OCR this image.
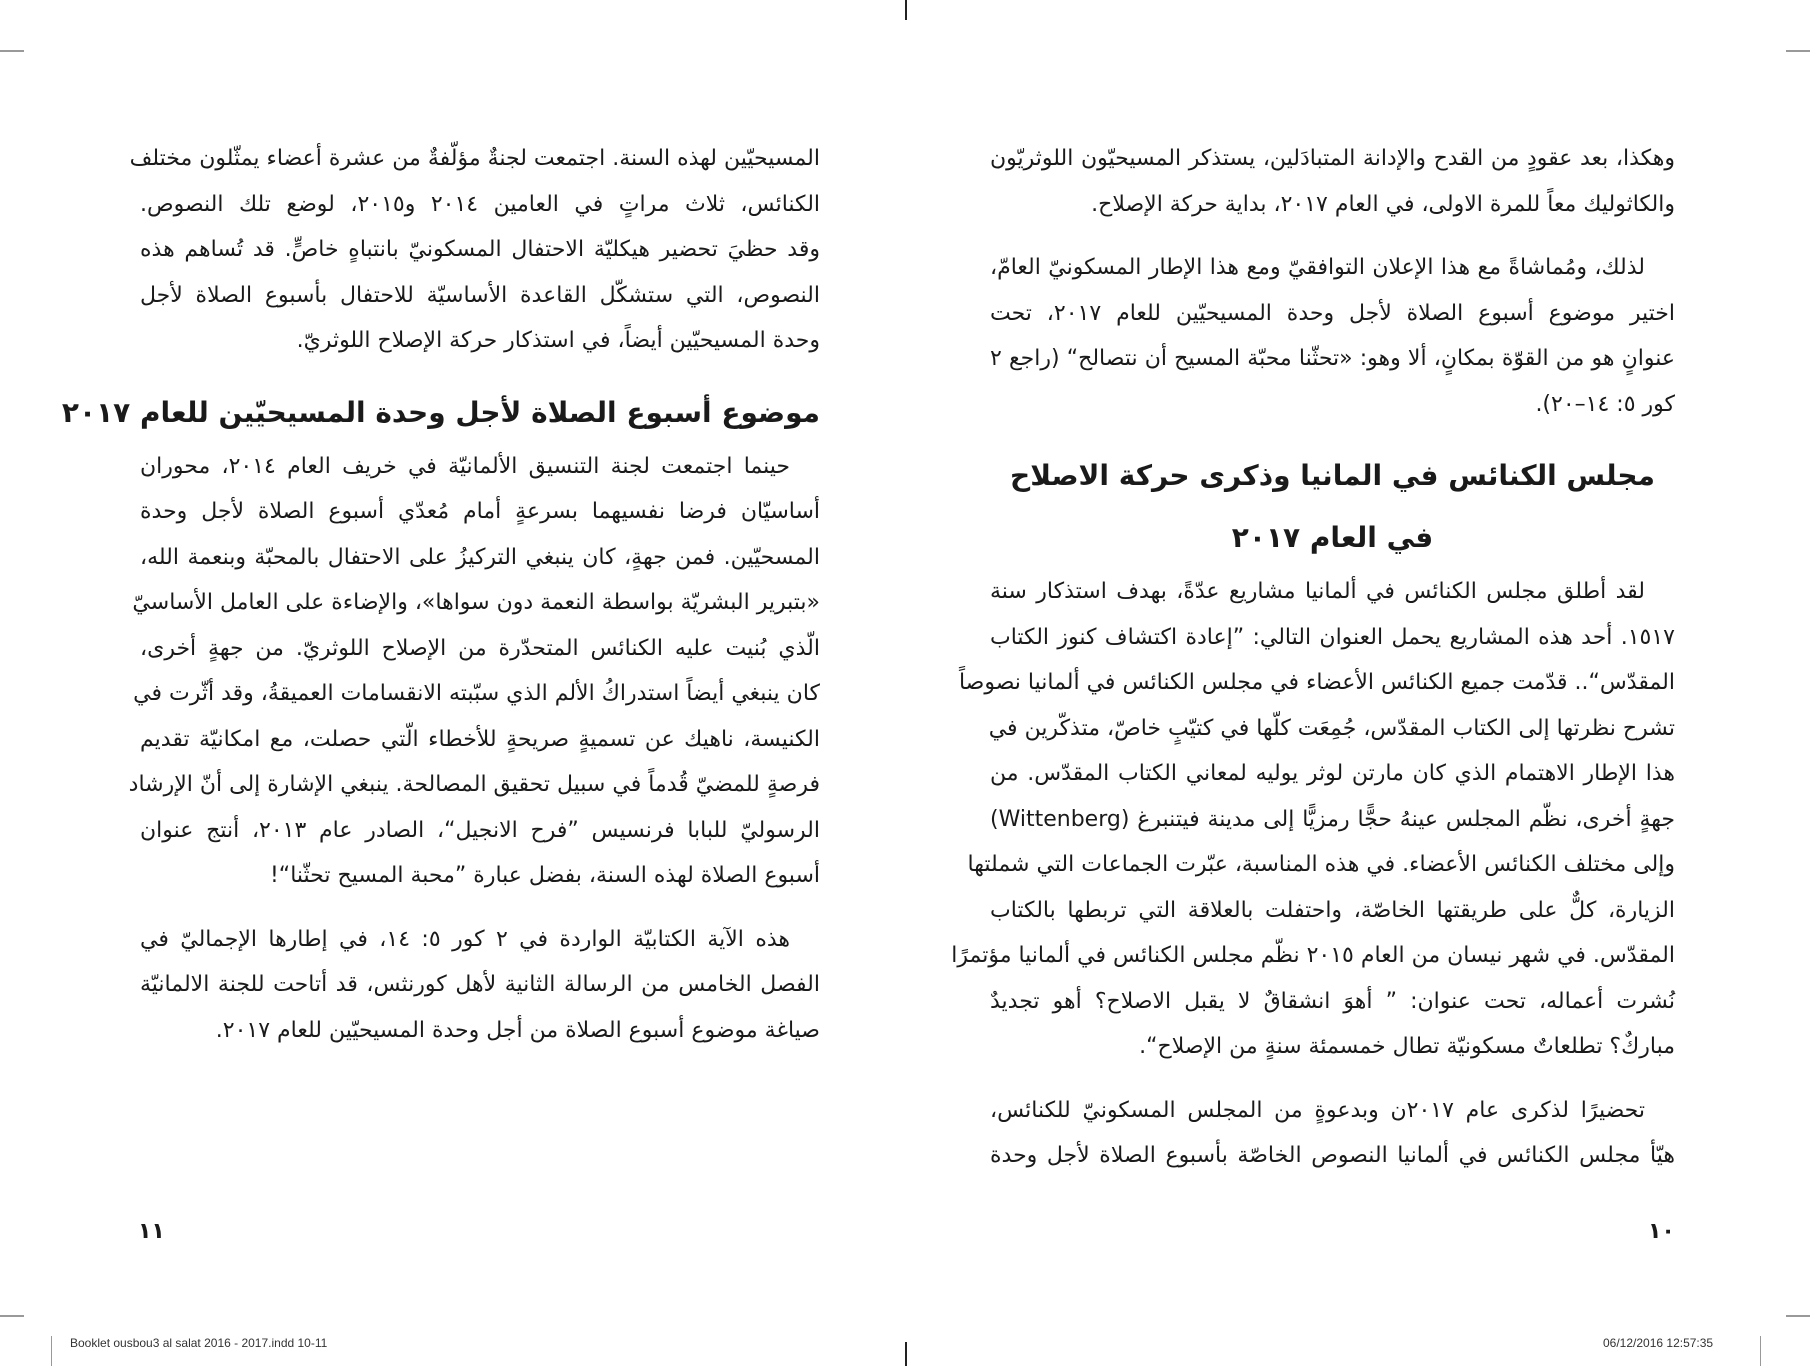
وهكذا، بعد عقودٍ من القدح والإدانة المتبادَلين، يستذكر المسيحيّون اللوثريّون
والكاثوليك معاً للمرة الاولى، في العام ٢٠١٧، بداية حركة الإصلاح.
لذلك، ومُماشاةً مع هذا الإعلان التوافقيّ ومع هذا الإطار المسكونيّ العامّ،
اختير موضوع أسبوع الصلاة لأجل وحدة المسيحيّين للعام ٢٠١٧، تحت
عنوانٍ هو من القوّة بمكانٍ، ألا وهو: «تحثّنا محبّة المسيح أن نتصالح“ (راجع ٢
كور ٥: ١٤–٢٠).
مجلس الكنائس في المانيا وذكرى حركة الاصلاح
في العام ٢٠١٧
لقد أطلق مجلس الكنائس في ألمانيا مشاريع عدّةً، بهدف استذكار سنة
١٥١٧. أحد هذه المشاريع يحمل العنوان التالي: ”إعادة اكتشاف كنوز الكتاب
المقدّس“.. قدّمت جميع الكنائس الأعضاء في مجلس الكنائس في ألمانيا نصوصاً
تشرح نظرتها إلى الكتاب المقدّس، جُمِعَت كلّها في كتيّبٍ خاصّ، متذكّرين في
هذا الإطار الاهتمام الذي كان مارتن لوثر يوليه لمعاني الكتاب المقدّس. من
جهةٍ أخرى، نظّم المجلس عينهُ حجًّا رمزيًّا إلى مدينة فيتنبرغ (Wittenberg)
وإلى مختلف الكنائس الأعضاء. في هذه المناسبة، عبّرت الجماعات التي شملتها
الزيارة، كلٌّ على طريقتها الخاصّة، واحتفلت بالعلاقة التي تربطها بالكتاب
المقدّس. في شهر نيسان من العام ٢٠١٥ نظّم مجلس الكنائس في ألمانيا مؤتمرًا
نُشرت أعماله، تحت عنوان: ” أهوَ انشقاقٌ لا يقبل الاصلاح؟ أهو تجديدٌ
مباركٌ؟ تطلعاتٌ مسكونيّة تطال خمسمئة سنةٍ من الإصلاح“.
تحضيرًا لذكرى عام ٢٠١٧ن وبدعوةٍ من المجلس المسكونيّ للكنائس،
هيّأ مجلس الكنائس في ألمانيا النصوص الخاصّة بأسبوع الصلاة لأجل وحدة
المسيحيّين لهذه السنة. اجتمعت لجنةٌ مؤلّفةٌ من عشرة أعضاء يمثّلون مختلف
الكنائس، ثلاث مراتٍ في العامين ٢٠١٤ و٢٠١٥، لوضع تلك النصوص.
وقد حظيَ تحضير هيكليّة الاحتفال المسكونيّ بانتباهٍ خاصٍّ. قد تُساهم هذه
النصوص، التي ستشكّل القاعدة الأساسيّة للاحتفال بأسبوع الصلاة لأجل
وحدة المسيحيّين أيضاً، في استذكار حركة الإصلاح اللوثريّ.
موضوع أسبوع الصلاة لأجل وحدة المسيحيّين للعام ٢٠١٧
حينما اجتمعت لجنة التنسيق الألمانيّة في خريف العام ٢٠١٤، محوران
أساسيّان فرضا نفسيهما بسرعةٍ أمام مُعدّي أسبوع الصلاة لأجل وحدة
المسحيّين. فمن جهةٍ، كان ينبغي التركيزُ على الاحتفال بالمحبّة وبنعمة الله،
«بتبرير البشريّة بواسطة النعمة دون سواها»، والإضاءة على العامل الأساسيّ
الّذي بُنيت عليه الكنائس المتحدّرة من الإصلاح اللوثريّ. من جهةٍ أخرى،
كان ينبغي أيضاً استدراكُ الألم الذي سبّبته الانقسامات العميقةُ، وقد أثّرت في
الكنيسة، ناهيك عن تسميةٍ صريحةٍ للأخطاء الّتي حصلت، مع امكانيّة تقديم
فرصةٍ للمضيّ قُدماً في سبيل تحقيق المصالحة. ينبغي الإشارة إلى أنّ الإرشاد
الرسوليّ للبابا فرنسيس ”فرح الانجيل“، الصادر عام ٢٠١٣، أنتج عنوان
أسبوع الصلاة لهذه السنة، بفضل عبارة ”محبة المسيح تحثّنا“!
هذه الآية الكتابيّة الواردة في ٢ كور ٥: ١٤، في إطارها الإجماليّ في
الفصل الخامس من الرسالة الثانية لأهل كورنثس، قد أتاحت للجنة الالمانيّة
صياغة موضوع أسبوع الصلاة من أجل وحدة المسيحيّين للعام ٢٠١٧.
١٠
١١
Booklet ousbou3 al salat 2016 - 2017.indd 10-11	06/12/2016 12:57:35
